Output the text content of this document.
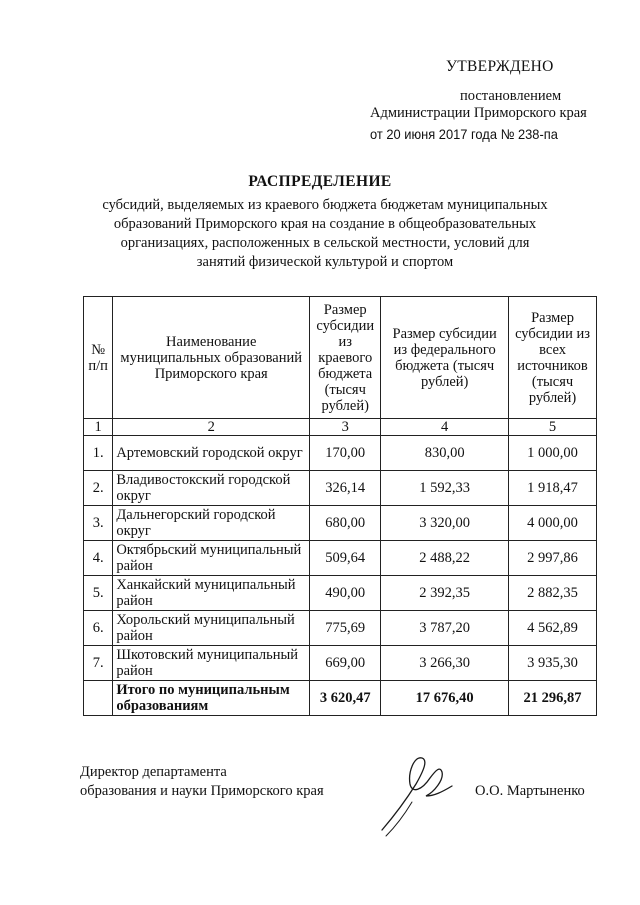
УТВЕРЖДЕНО
постановлением
Администрации Приморского края
от 20 июня 2017 года № 238-па
РАСПРЕДЕЛЕНИЕ
субсидий, выделяемых из краевого бюджета бюджетам муниципальных образований Приморского края на создание в общеобразовательных организациях, расположенных в сельской местности, условий для занятий физической культурой и спортом
№ п/п	Наименование муниципальных образований Приморского края	Размер субсидии из краевого бюджета (тысяч рублей)	Размер субсидии из федерального бюджета (тысяч рублей)	Размер субсидии из всех источников (тысяч рублей)
1	2	3	4	5
1.	Артемовский городской округ	170,00	830,00	1 000,00
2.	Владивостокский городской округ	326,14	1 592,33	1 918,47
3.	Дальнегорский городской округ	680,00	3 320,00	4 000,00
4.	Октябрьский муниципальный район	509,64	2 488,22	2 997,86
5.	Ханкайский муниципальный район	490,00	2 392,35	2 882,35
6.	Хорольский муниципальный район	775,69	3 787,20	4 562,89
7.	Шкотовский муниципальный район	669,00	3 266,30	3 935,30
	Итого по муниципальным образованиям	3 620,47	17 676,40	21 296,87
Директор департамента
образования и науки Приморского края	О.О. Мартыненко
